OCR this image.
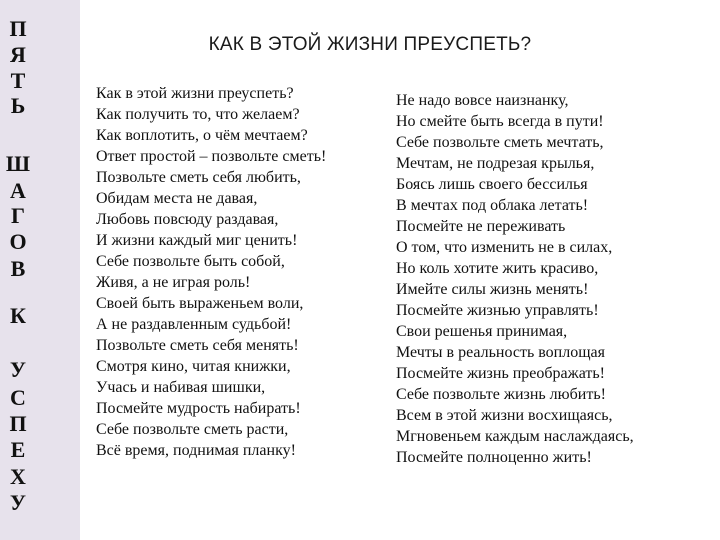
П
Я
Т
Ь
Ш
А
Г
О
В
К
У
С
П
Е
Х
У
КАК В ЭТОЙ ЖИЗНИ ПРЕУСПЕТЬ?
Как в этой жизни преуспеть?
Как получить то, что желаем?
Как воплотить, о чём мечтаем?
Ответ простой – позвольте сметь!
Позвольте сметь себя любить,
Обидам места не давая,
Любовь повсюду раздавая,
И жизни каждый миг ценить!
Себе позвольте быть собой,
Живя, а не играя роль!
Своей быть выраженьем воли,
А не раздавленным судьбой!
Позвольте сметь себя менять!
Смотря кино, читая книжки,
Учась и набивая шишки,
Посмейте мудрость набирать!
Себе позвольте сметь расти,
Всё время, поднимая планку!
Не надо вовсе наизнанку,
Но смейте быть всегда в пути!
Себе позвольте сметь мечтать,
Мечтам, не подрезая крылья,
Боясь лишь своего бессилья
В мечтах под облака летать!
Посмейте не переживать
О том, что изменить не в силах,
Но коль хотите жить красиво,
Имейте силы жизнь менять!
Посмейте жизнью управлять!
Свои решенья принимая,
Мечты в реальность воплощая
Посмейте жизнь преображать!
Себе позвольте жизнь любить!
Всем в этой жизни восхищаясь,
Мгновеньем каждым наслаждаясь,
Посмейте полноценно жить!
